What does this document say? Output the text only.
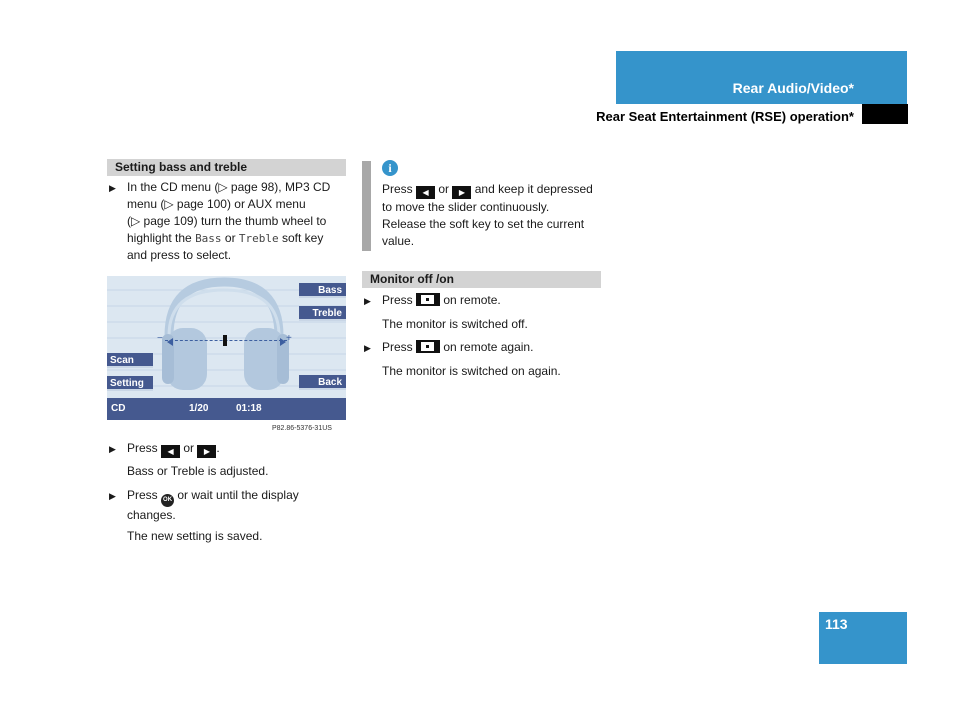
Rear Audio/Video*
Rear Seat Entertainment (RSE) operation*
Setting bass and treble
▶ In the CD menu (▷ page 98), MP3 CD
menu (▷ page 100) or AUX menu
(▷ page 109) turn the thumb wheel to
highlight the Bass or Treble soft key
and press to select.
−	+
Bass
Treble
Scan
Setting	Back
CD	1/20	01:18
P82.86-5376-31US
▶ Press ◀ or ▶ .
Bass or Treble is adjusted.
▶ Press OK or wait until the display
changes.
The new setting is saved.
i
Press ◀ or ▶ and keep it depressed
to move the slider continuously.
Release the soft key to set the current
value.
Monitor off /on
▶ Press	on remote.
The monitor is switched off.
▶ Press	on remote again.
The monitor is switched on again.
113
